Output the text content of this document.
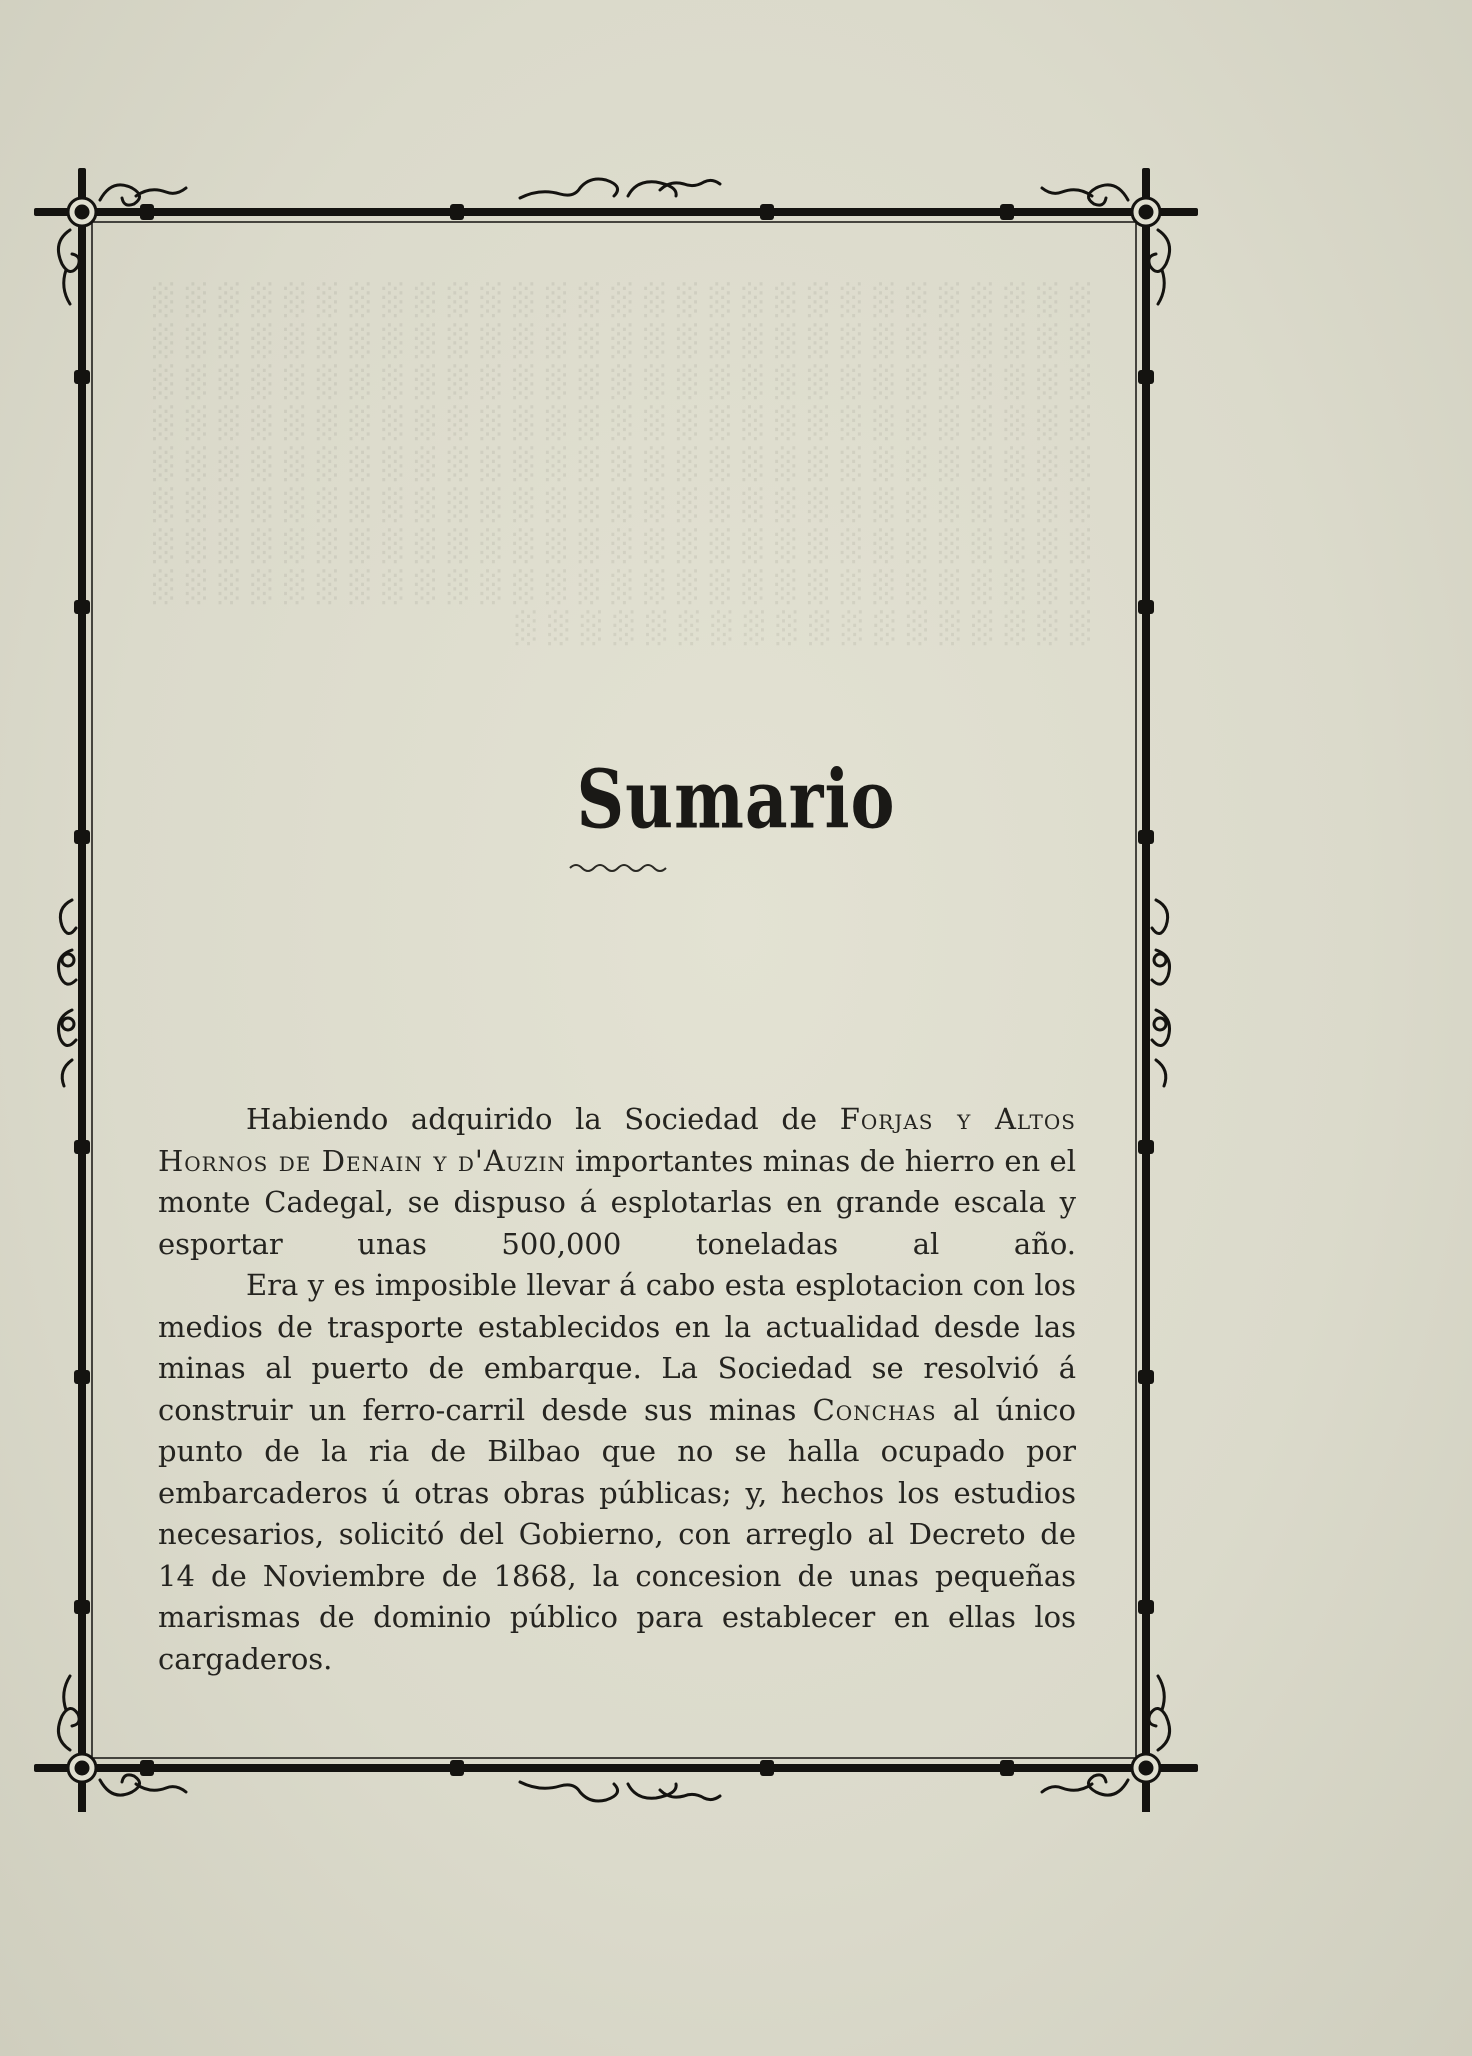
░ ░ ░ ░ ░ ░ ░ ░ ░ ░ ░ ░ ░ ░ ░ ░ ░ ░ ░ ░ ░ ░ ░ ░ ░ ░ ░ ░ ░ ░ ░ ░ ░ ░ ░ ░ ░ ░ ░ ░ ░ ░ ░ ░ ░ ░ ░ ░ ░ ░ ░ ░ ░ ░ ░ ░ ░ ░ ░ ░ ░ ░ ░ ░ ░ ░ ░ ░ ░ ░ ░ ░ ░ ░ ░ ░ ░ ░ ░ ░ ░ ░ ░ ░ ░ ░ ░ ░ ░ ░ ░ ░ ░ ░ ░ ░ ░ ░ ░ ░ ░ ░ ░ ░ ░ ░ ░ ░ ░ ░ ░ ░ ░ ░ ░ ░ ░ ░ ░ ░ ░ ░ ░ ░ ░ ░ ░ ░ ░ ░ ░ ░ ░ ░ ░ ░ ░ ░ ░ ░ ░ ░ ░ ░ ░ ░ ░ ░ ░ ░ ░ ░ ░ ░ ░ ░ ░ ░ ░ ░ ░ ░ ░ ░ ░ ░ ░ ░ ░ ░ ░ ░ ░ ░ ░ ░ ░ ░ ░ ░ ░ ░ ░ ░ ░ ░ ░ ░ ░ ░ ░ ░ ░ ░ ░ ░ ░ ░ ░ ░ ░ ░ ░ ░ ░ ░ ░ ░ ░ ░ ░ ░ ░ ░ ░ ░ ░ ░ ░ ░ ░ ░ ░ ░ ░ ░ ░ ░ ░ ░ ░ ░ ░ ░ ░ ░ ░ ░ ░ ░ ░ ░ ░ ░ ░ ░ ░ ░ ░ ░
Sumario

Habiendo adquirido la Sociedad de Forjas y Altos Hornos de Denain y d'Auzin importantes minas de hierro en el monte Cadegal, se dispuso á esplotarlas en grande escala y esportar unas 500,000 toneladas al año.

Era y es imposible llevar á cabo esta esplotacion con los medios de trasporte establecidos en la actualidad desde las minas al puerto de embarque. La Sociedad se resolvió á construir un ferro-carril desde sus minas Conchas al único punto de la ria de Bilbao que no se halla ocupado por embarcaderos ú otras obras públicas; y, hechos los estudios necesarios, solicitó del Gobierno, con arreglo al Decreto de 14 de Noviembre de 1868, la concesion de unas pequeñas marismas de dominio público para establecer en ellas los cargaderos.
